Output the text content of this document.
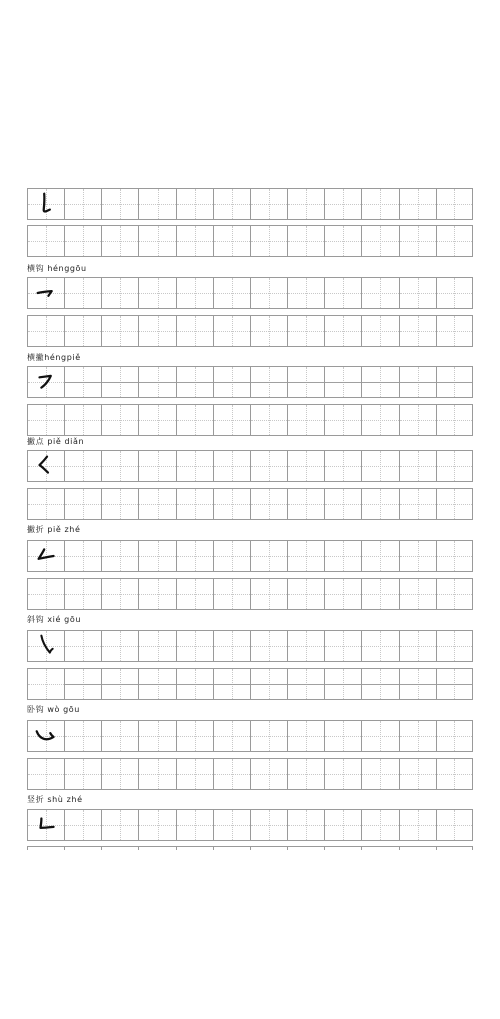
横钩 hénggōu
横撇héngpiě
撇点 piě diǎn
撇折 piě zhé
斜钩 xié gōu
卧钩 wò gōu
竖折 shù zhé
